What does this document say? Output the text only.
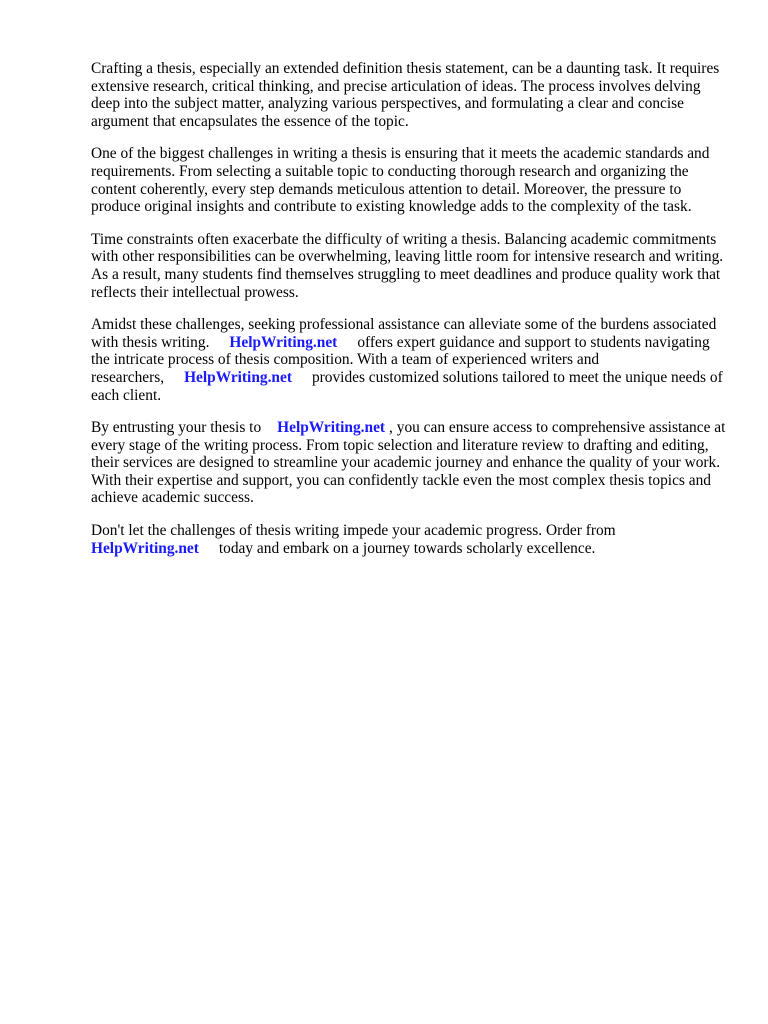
Crafting a thesis, especially an extended definition thesis statement, can be a daunting task. It requires extensive research, critical thinking, and precise articulation of ideas. The process involves delving deep into the subject matter, analyzing various perspectives, and formulating a clear and concise argument that encapsulates the essence of the topic.

One of the biggest challenges in writing a thesis is ensuring that it meets the academic standards and requirements. From selecting a suitable topic to conducting thorough research and organizing the content coherently, every step demands meticulous attention to detail. Moreover, the pressure to produce original insights and contribute to existing knowledge adds to the complexity of the task.

Time constraints often exacerbate the difficulty of writing a thesis. Balancing academic commitments with other responsibilities can be overwhelming, leaving little room for intensive research and writing. As a result, many students find themselves struggling to meet deadlines and produce quality work that reflects their intellectual prowess.

Amidst these challenges, seeking professional assistance can alleviate some of the burdens associated with thesis writing. HelpWriting.net offers expert guidance and support to students navigating the intricate process of thesis composition. With a team of experienced writers and researchers, HelpWriting.net provides customized solutions tailored to meet the unique needs of each client.

By entrusting your thesis to HelpWriting.net , you can ensure access to comprehensive assistance at every stage of the writing process. From topic selection and literature review to drafting and editing, their services are designed to streamline your academic journey and enhance the quality of your work. With their expertise and support, you can confidently tackle even the most complex thesis topics and achieve academic success.

Don't let the challenges of thesis writing impede your academic progress. Order from
HelpWriting.net today and embark on a journey towards scholarly excellence.
